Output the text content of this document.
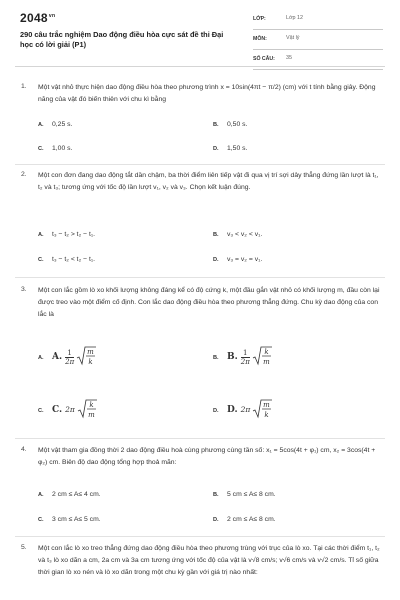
$2048^{vn}$
290 câu trắc nghiệm Dao động điều hòa cực sát đề thi Đại học có lời giải (P1)
LỚP:	Lớp 12
MÔN:	Vật lý
SỐ CÂU: 35
1. Một vật nhỏ thực hiện dao động điều hòa theo phương trình x = 10sin(4πt − π/2) (cm) với t tính bằng giây. Động năng của vật đó biến thiên với chu kì bằng
A. 0,25 s.	B. 0,50 s.
C. 1,00 s.	D. 1,50 s.
2. Một con đơn đang dao động tắt dần chậm, ba thời điểm liên tiếp vật đi qua vị trí sợi dây thẳng đứng lần lượt là t₁, t₂ và t₃; tương ứng với tốc độ lần lượt v₁, v₂ và v₃. Chọn kết luận đúng.
A. t₃ − t₂ > t₂ − t₁.	B. v₃ < v₂ < v₁.
C. t₃ − t₂ < t₂ − t₁.	D. v₃ = v₂ = v₁.
3. Một con lắc gồm lò xo khối lượng không đáng kể có độ cứng k, một đầu gắn vật nhỏ có khối lượng m, đầu còn lại được treo vào một điểm cố định. Con lắc dao động điều hòa theo phương thẳng đứng. Chu kỳ dao động của con lắc là
A. A. $\frac{1}{2\pi}$
m
k
B. B. $\frac{1}{2\pi}$
k
m
C. C. 2π k
m
D. D. 2π m
k
4. Một vật tham gia đồng thời 2 dao động điều hoà cùng phương cùng tần số: x₁ = 5cos(4t + φ₁) cm, x₂ = 3cos(4t + φ₂) cm. Biên độ dao động tổng hợp thoả mãn:
A. 2 cm ≤ A≤ 4 cm.	B. 5 cm ≤ A≤ 8 cm.
C. 3 cm ≤ A≤ 5 cm.	D. 2 cm ≤ A≤ 8 cm.
5. Một con lắc lò xo treo thẳng đứng dao động điều hòa theo phương trùng với trục của lò xo. Tại các thời điểm t₁, t₂ và t₃ lò xo dãn a cm, 2a cm và 3a cm tương ứng với tốc độ của vật là v√8 cm/s; v√6 cm/s và v√2 cm/s. Tỉ số giữa thời gian lò xo nén và lò xo dãn trong một chu kỳ gần với giá trị nào nhất:
